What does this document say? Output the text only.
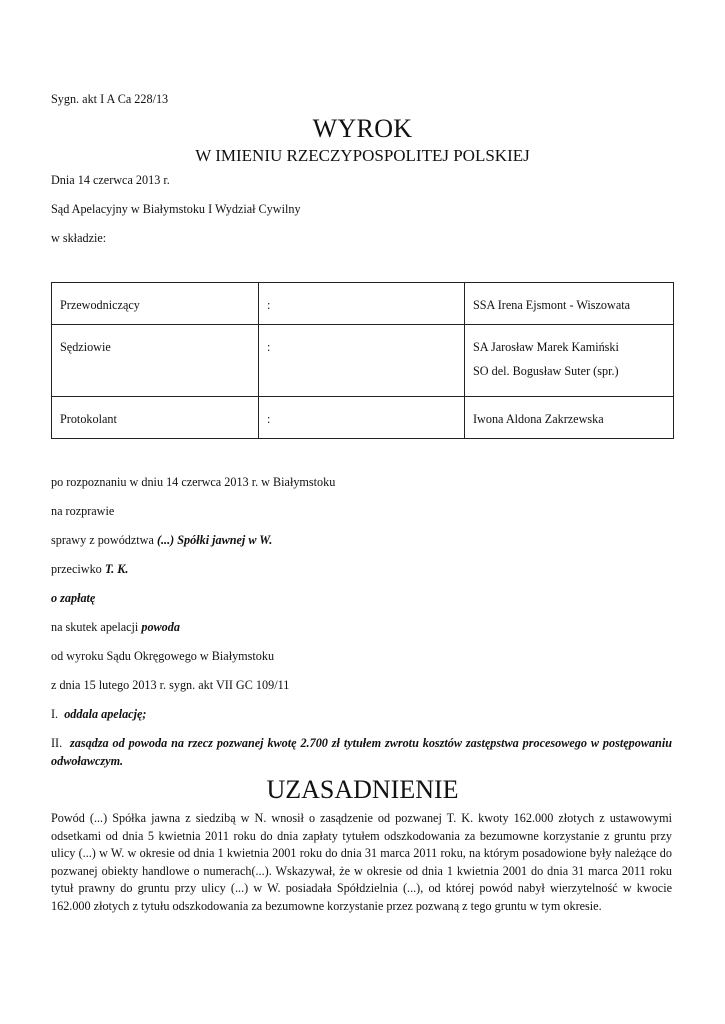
Sygn. akt I A Ca 228/13
WYROK
W IMIENIU RZECZYPOSPOLITEJ POLSKIEJ
Dnia 14 czerwca 2013 r.
Sąd Apelacyjny w Białymstoku I Wydział Cywilny
w składzie:
Przewodniczący	:	SSA Irena Ejsmont - Wiszowata

Sędziowie	:	SA Jarosław Marek Kamiński
SO del. Bogusław Suter (spr.)

Protokolant	:	Iwona Aldona Zakrzewska
po rozpoznaniu w dniu 14 czerwca 2013 r. w Białymstoku
na rozprawie
sprawy z powództwa (...) Spółki jawnej w W.
przeciwko T. K.
o zapłatę
na skutek apelacji powoda
od wyroku Sądu Okręgowego w Białymstoku
z dnia 15 lutego 2013 r. sygn. akt VII GC 109/11
I. oddala apelację;
II. zasądza od powoda na rzecz pozwanej kwotę 2.700 zł tytułem zwrotu kosztów zastępstwa procesowego w postępowaniu odwoławczym.
UZASADNIENIE
Powód (...) Spółka jawna z siedzibą w N. wnosił o zasądzenie od pozwanej T. K. kwoty 162.000 złotych z ustawowymi odsetkami od dnia 5 kwietnia 2011 roku do dnia zapłaty tytułem odszkodowania za bezumowne korzystanie z gruntu przy ulicy (...) w W. w okresie od dnia 1 kwietnia 2001 roku do dnia 31 marca 2011 roku, na którym posadowione były należące do pozwanej obiekty handlowe o numerach(...). Wskazywał, że w okresie od dnia 1 kwietnia 2001 do dnia 31 marca 2011 roku tytuł prawny do gruntu przy ulicy (...) w W. posiadała Spółdzielnia (...), od której powód nabył wierzytelność w kwocie 162.000 złotych z tytułu odszkodowania za bezumowne korzystanie przez pozwaną z tego gruntu w tym okresie.
